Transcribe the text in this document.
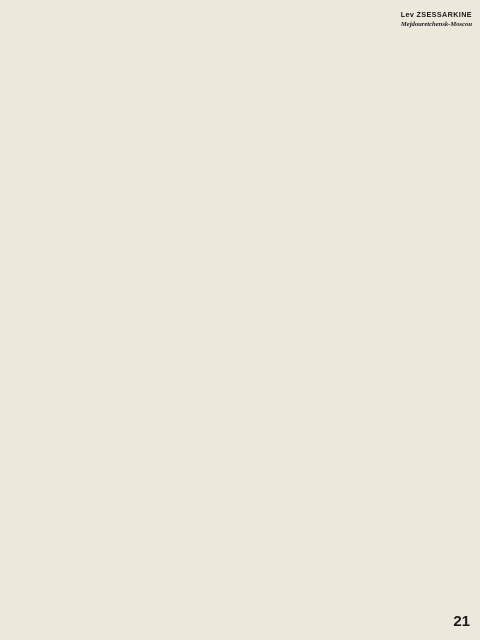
Lev ZSESSARKINE
Mejdouretchensk-Moscou
21
